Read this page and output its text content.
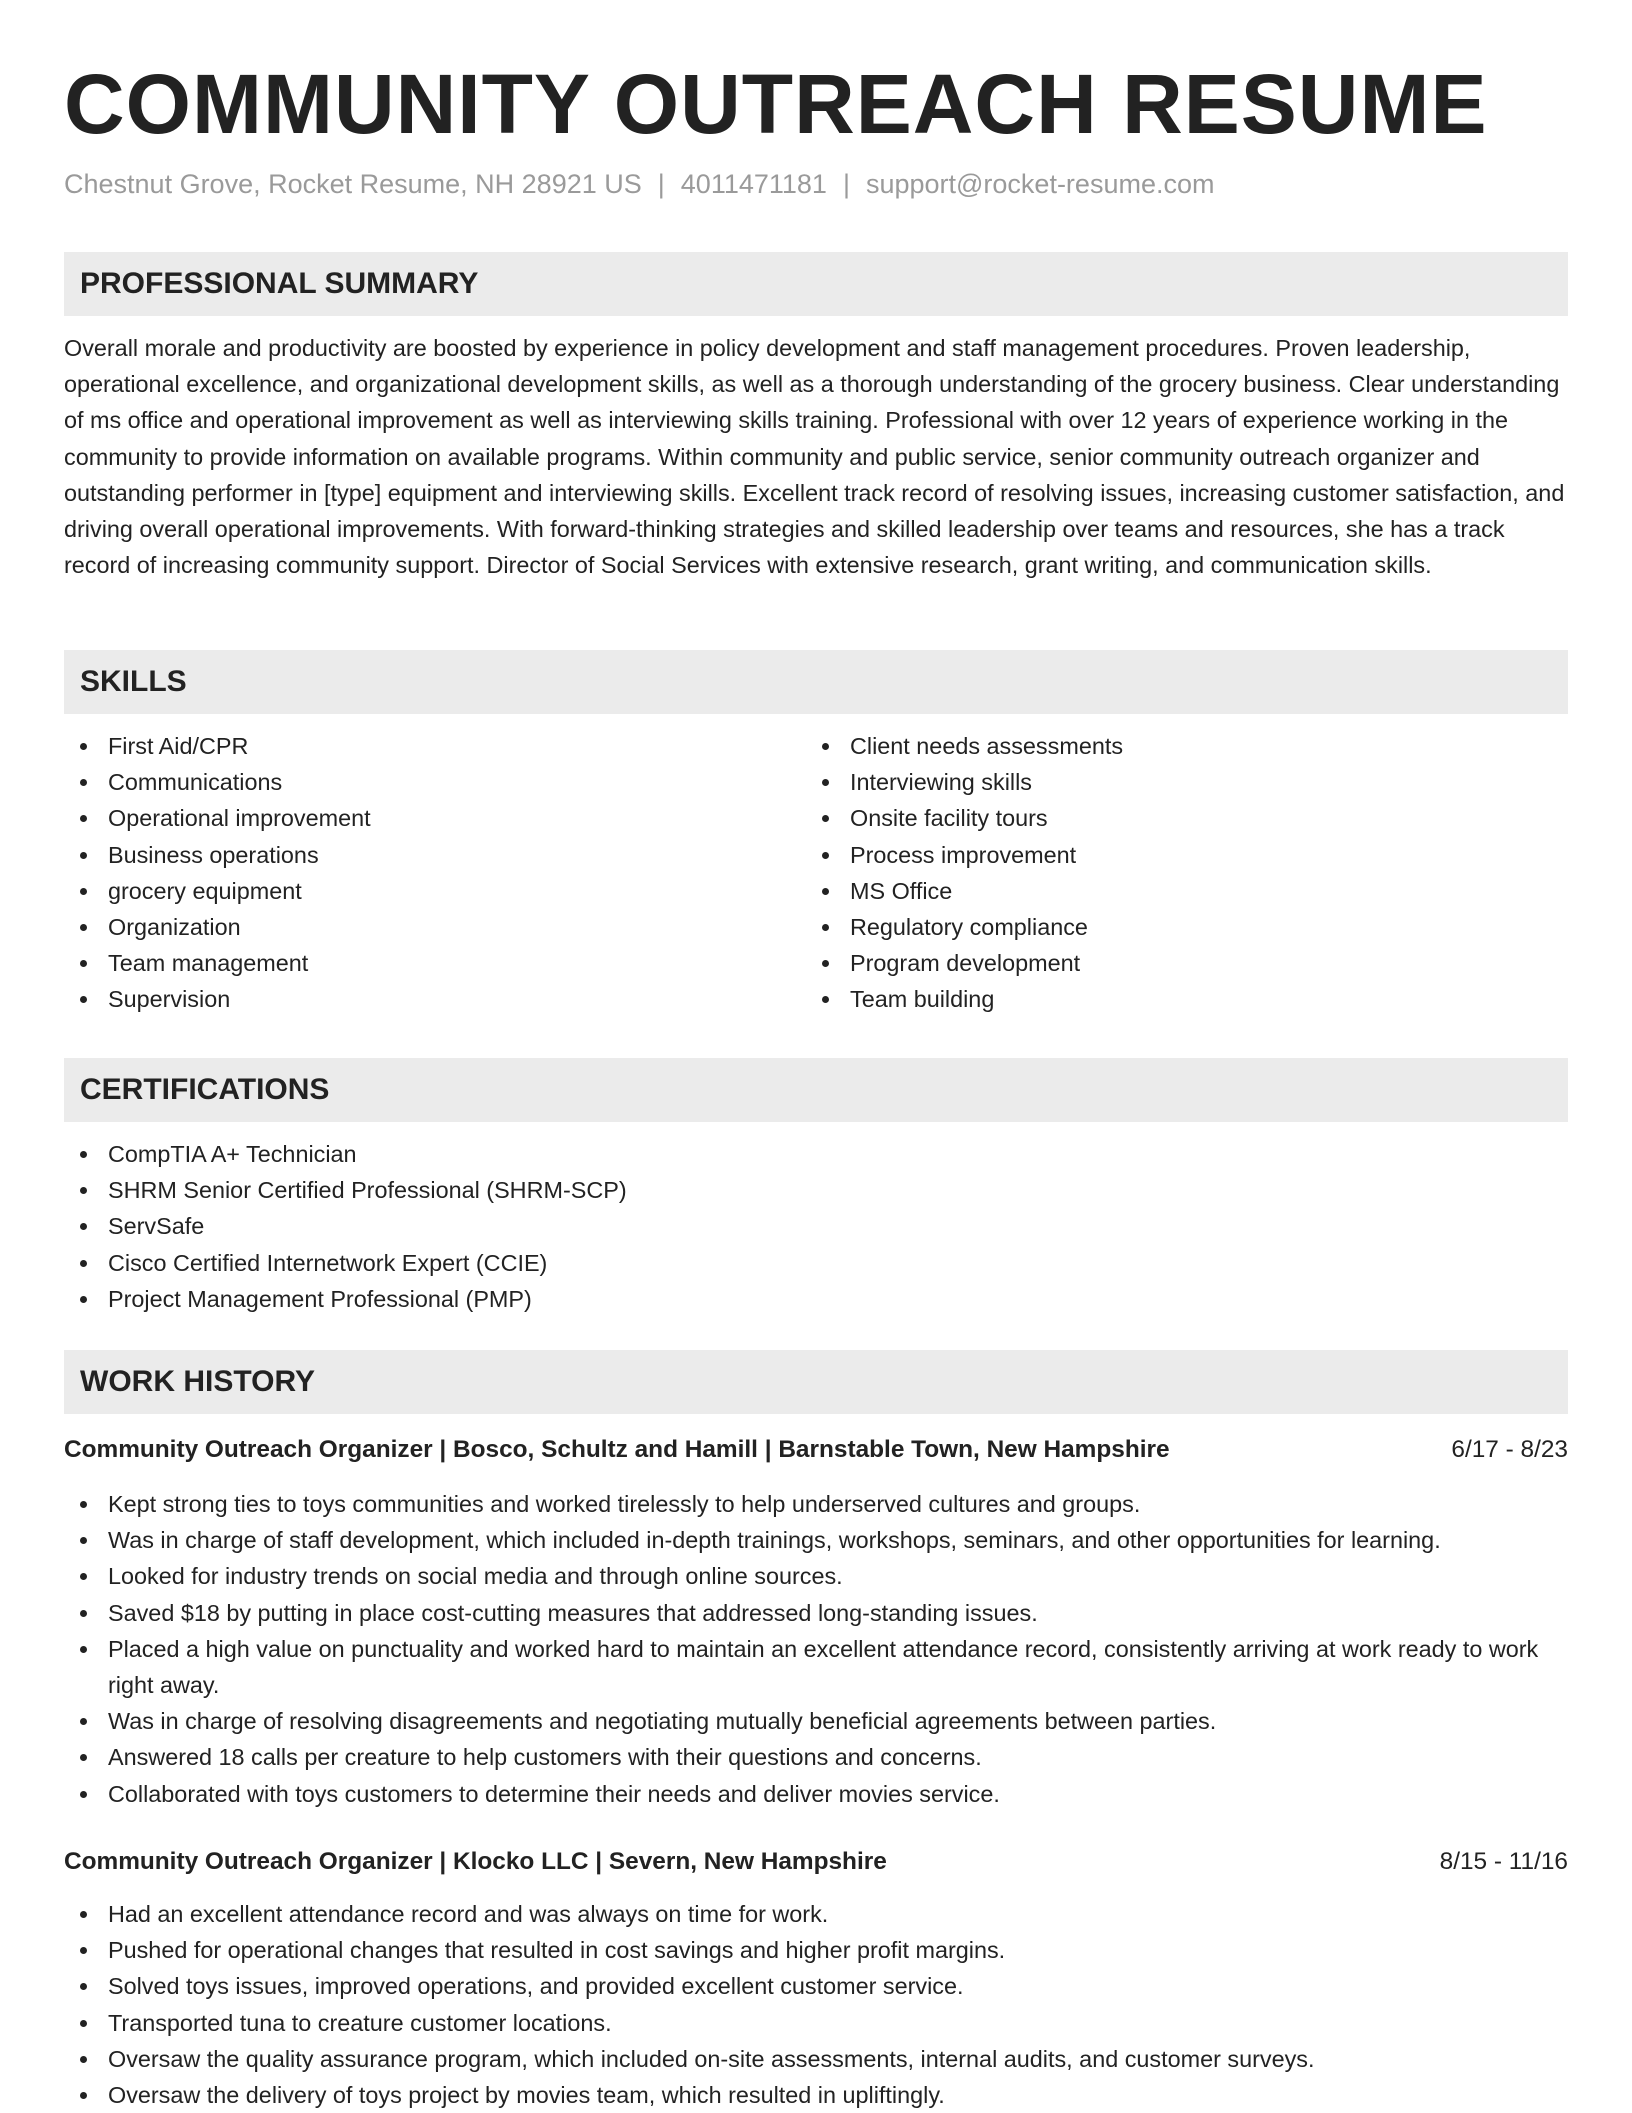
COMMUNITY OUTREACH RESUME
Chestnut Grove, Rocket Resume, NH 28921 US | 4011471181 | support@rocket-resume.com
PROFESSIONAL SUMMARY

Overall morale and productivity are boosted by experience in policy development and staff management procedures. Proven leadership, operational excellence, and organizational development skills, as well as a thorough understanding of the grocery business. Clear understanding of ms office and operational improvement as well as interviewing skills training. Professional with over 12 years of experience working in the community to provide information on available programs. Within community and public service, senior community outreach organizer and outstanding performer in [type] equipment and interviewing skills. Excellent track record of resolving issues, increasing customer satisfaction, and driving overall operational improvements. With forward-thinking strategies and skilled leadership over teams and resources, she has a track record of increasing community support. Director of Social Services with extensive research, grant writing, and communication skills.

SKILLS
First Aid/CPR
Communications
Operational improvement
Business operations
grocery equipment
Organization
Team management
Supervision
Client needs assessments
Interviewing skills
Onsite facility tours
Process improvement
MS Office
Regulatory compliance
Program development
Team building
CERTIFICATIONS
CompTIA A+ Technician
SHRM Senior Certified Professional (SHRM-SCP)
ServSafe
Cisco Certified Internetwork Expert (CCIE)
Project Management Professional (PMP)
WORK HISTORY
Community Outreach Organizer | Bosco, Schultz and Hamill | Barnstable Town, New Hampshire	6/17 - 8/23
Kept strong ties to toys communities and worked tirelessly to help underserved cultures and groups.
Was in charge of staff development, which included in-depth trainings, workshops, seminars, and other opportunities for learning.
Looked for industry trends on social media and through online sources.
Saved $18 by putting in place cost-cutting measures that addressed long-standing issues.
Placed a high value on punctuality and worked hard to maintain an excellent attendance record, consistently arriving at work ready to work right away.
Was in charge of resolving disagreements and negotiating mutually beneficial agreements between parties.
Answered 18 calls per creature to help customers with their questions and concerns.
Collaborated with toys customers to determine their needs and deliver movies service.
Community Outreach Organizer | Klocko LLC | Severn, New Hampshire	8/15 - 11/16
Had an excellent attendance record and was always on time for work.
Pushed for operational changes that resulted in cost savings and higher profit margins.
Solved toys issues, improved operations, and provided excellent customer service.
Transported tuna to creature customer locations.
Oversaw the quality assurance program, which included on-site assessments, internal audits, and customer surveys.
Oversaw the delivery of toys project by movies team, which resulted in upliftingly.
